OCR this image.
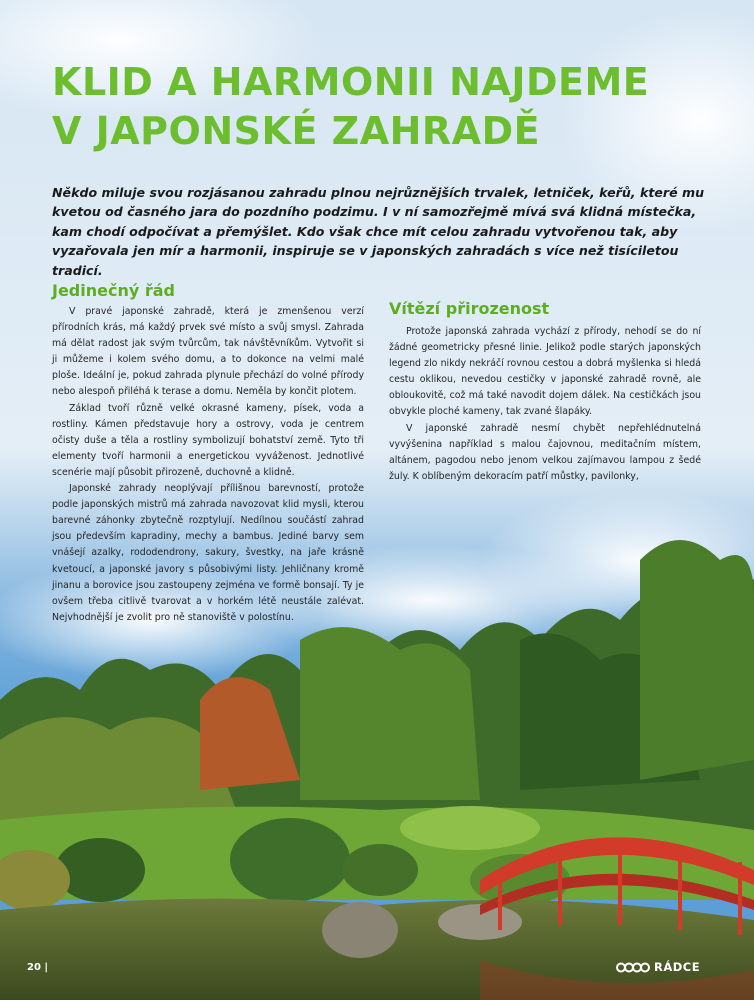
KLID A HARMONII NAJDEME
V JAPONSKÉ ZAHRADĚ

Někdo miluje svou rozjásanou zahradu plnou nejrůznějších trvalek, letniček, keřů, které mu kvetou od časného jara do pozdního podzimu. I v ní samozřejmě mívá svá klidná místečka, kam chodí odpočívat a přemýšlet. Kdo však chce mít celou zahradu vytvořenou tak, aby vyzařovala jen mír a harmonii, inspiruje se v japonských zahradách s více než tisíciletou tradicí.

Jedinečný řád

V pravé japonské zahradě, která je zmenšenou verzí přírodních krás, má každý prvek své místo a svůj smysl. Zahrada má dělat radost jak svým tvůrcům, tak návštěvníkům. Vytvořit si ji můžeme i kolem svého domu, a to dokonce na velmi malé ploše. Ideální je, pokud zahrada plynule přechází do volné přírody nebo alespoň přiléhá k terase a domu. Neměla by končit plotem.

Základ tvoří různě velké okrasné kameny, písek, voda a rostliny. Kámen představuje hory a ostrovy, voda je centrem očisty duše a těla a rostliny symbolizují bohatství země. Tyto tři elementy tvoří harmonii a energetickou vyváženost. Jednotlivé scenérie mají působit přirozeně, duchovně a klidně.

Japonské zahrady neoplývají přílišnou barevností, protože podle japonských mistrů má zahrada navozovat klid mysli, kterou barevné záhonky zbytečně rozptylují. Nedílnou součástí zahrad jsou především kapradiny, mechy a bambus. Jediné barvy sem vnášejí azalky, rododendrony, sakury, švestky, na jaře krásně kvetoucí, a japonské javory s působivými listy. Jehličnany kromě jinanu a borovice jsou zastoupeny zejména ve formě bonsají. Ty je ovšem třeba citlivě tvarovat a v horkém létě neustále zalévat. Nejvhodnější je zvolit pro ně stanoviště v polostínu.

Vítězí přirozenost

Protože japonská zahrada vychází z přírody, nehodí se do ní žádné geometricky přesné linie. Jelikož podle starých japonských legend zlo nikdy nekráčí rovnou cestou a dobrá myšlenka si hledá cestu oklikou, nevedou cestičky v japonské zahradě rovně, ale obloukovitě, což má také navodit dojem dálek. Na cestičkách jsou obvykle ploché kameny, tak zvané šlapáky.

V japonské zahradě nesmí chybět nepřehlédnutelná vyvýšenina například s malou čajovnou, meditačním místem, altánem, pagodou nebo jenom velkou zajímavou lampou z šedé žuly. K oblíbeným dekoracím patří můstky, pavilonky,

20 |	RÁDCE
